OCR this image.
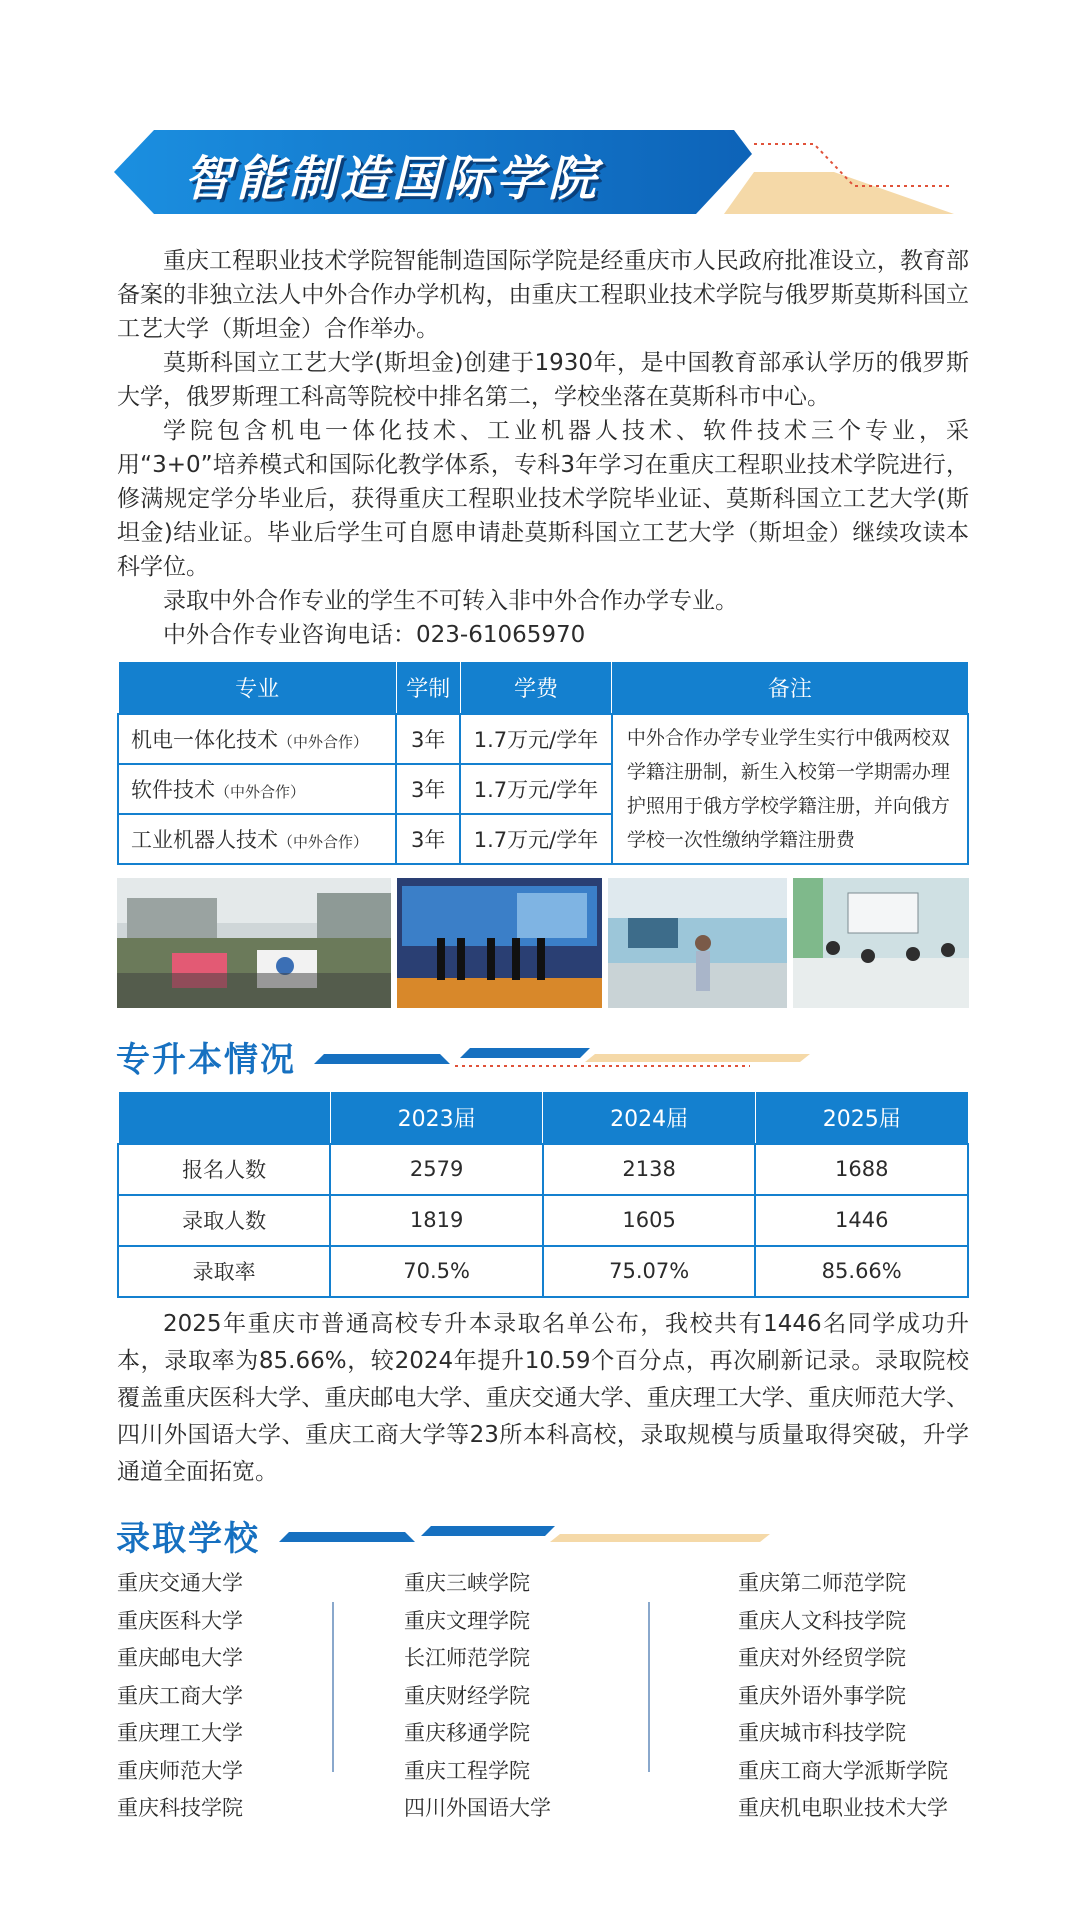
智能制造国际学院

重庆工程职业技术学院智能制造国际学院是经重庆市人民政府批准设立，教育部备案的非独立法人中外合作办学机构，由重庆工程职业技术学院与俄罗斯莫斯科国立工艺大学（斯坦金）合作举办。

莫斯科国立工艺大学(斯坦金)创建于1930年，是中国教育部承认学历的俄罗斯大学，俄罗斯理工科高等院校中排名第二，学校坐落在莫斯科市中心。

学院包含机电一体化技术、工业机器人技术、软件技术三个专业，采用“3+0”培养模式和国际化教学体系，专科3年学习在重庆工程职业技术学院进行，修满规定学分毕业后，获得重庆工程职业技术学院毕业证、莫斯科国立工艺大学(斯坦金)结业证。毕业后学生可自愿申请赴莫斯科国立工艺大学（斯坦金）继续攻读本科学位。

录取中外合作专业的学生不可转入非中外合作办学专业。

中外合作专业咨询电话：023-61065970

专业	学制	学费	备注
机电一体化技术（中外合作）	3年	1.7万元/学年	中外合作办学专业学生实行中俄两校双学籍注册制，新生入校第一学期需办理护照用于俄方学校学籍注册，并向俄方学校一次性缴纳学籍注册费
软件技术（中外合作）	3年	1.7万元/学年	
工业机器人技术（中外合作）	3年	1.7万元/学年	
专升本情况
	2023届	2024届	2025届
报名人数	2579	2138	1688
录取人数	1819	1605	1446
录取率	70.5%	75.07%	85.66%

2025年重庆市普通高校专升本录取名单公布，我校共有1446名同学成功升本，录取率为85.66%，较2024年提升10.59个百分点，再次刷新记录。录取院校覆盖重庆医科大学、重庆邮电大学、重庆交通大学、重庆理工大学、重庆师范大学、四川外国语大学、重庆工商大学等23所本科高校，录取规模与质量取得突破，升学通道全面拓宽。

录取学校
重庆交通大学
重庆医科大学
重庆邮电大学
重庆工商大学
重庆理工大学
重庆师范大学
重庆科技学院
重庆三峡学院
重庆文理学院
长江师范学院
重庆财经学院
重庆移通学院
重庆工程学院
四川外国语大学
重庆第二师范学院
重庆人文科技学院
重庆对外经贸学院
重庆外语外事学院
重庆城市科技学院
重庆工商大学派斯学院
重庆机电职业技术大学
